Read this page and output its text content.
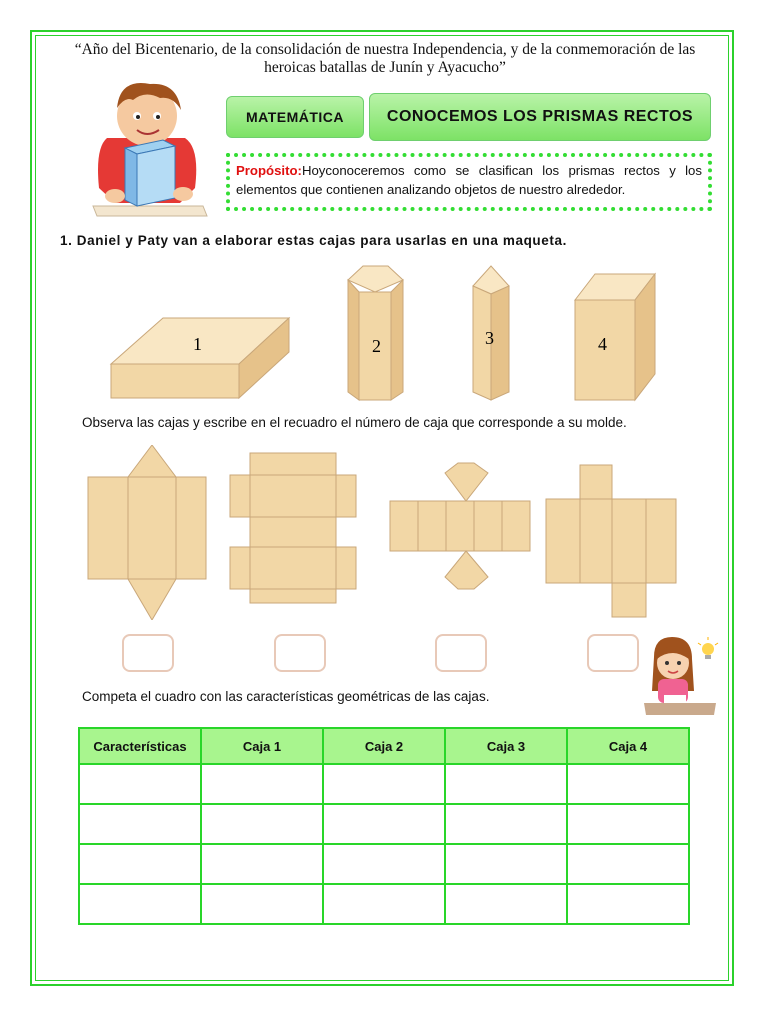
“Año del Bicentenario, de la consolidación de nuestra Independencia, y de la conmemoración de las
heroicas batallas de Junín y Ayacucho”
MATEMÁTICA	CONOCEMOS LOS PRISMAS RECTOS
Propósito:Hoyconoceremos como se clasifican los prismas rectos y los elementos que contienen analizando objetos de nuestro alrededor.
1. Daniel y Paty van a elaborar estas cajas para usarlas en una maqueta.
1	2	3	4
Observa las cajas y escribe en el recuadro el número de caja que corresponde a su molde.
Competa el cuadro con las características geométricas de las cajas.
Características	Caja 1	Caja 2	Caja 3	Caja 4
